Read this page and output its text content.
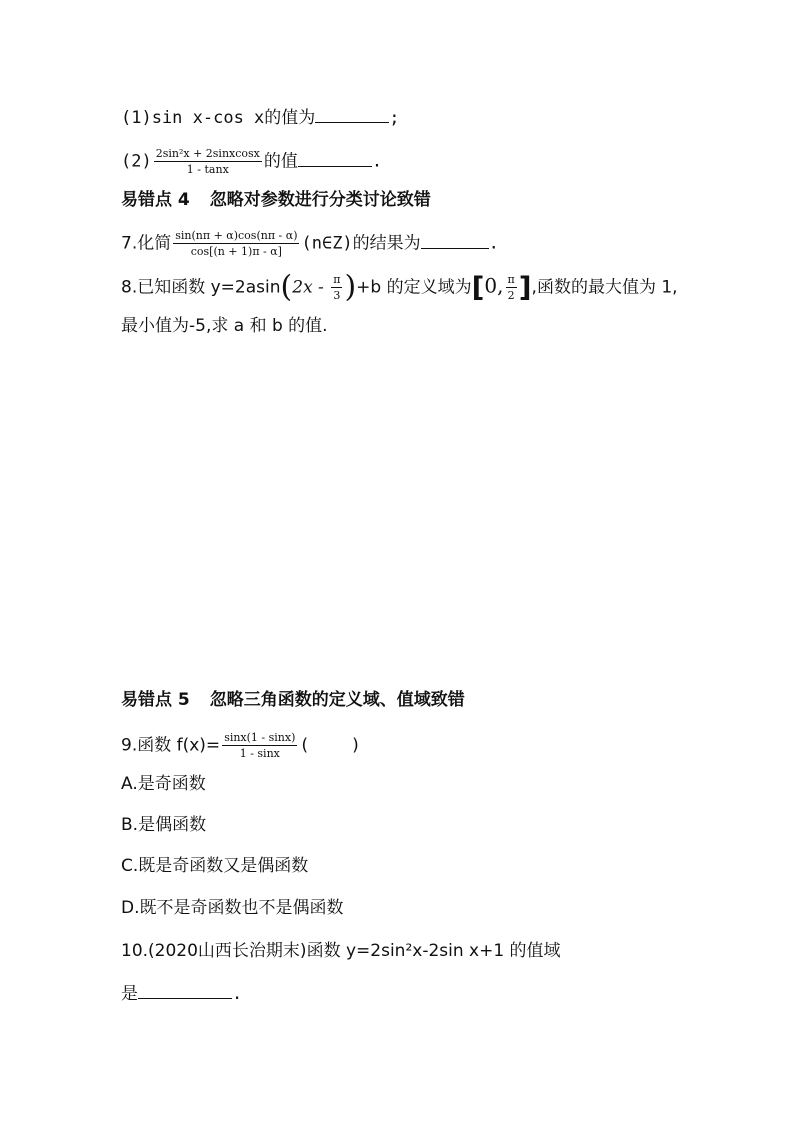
(1)sin x-cos x的值为	;
$(2) \frac{\text{2sin²x + 2sinxcosx}}{1 - \tan x}$ 的值	.
易错点 4 忽略对参数进行分类讨论致错
7.化简 $\frac{\sin(n\pi + \alpha)\cos(n\pi - \alpha)}{\cos[(n + 1)\pi - \alpha]}$ (n∈Z)的结果为	.
8.已知函数 $y=2asin(2x - \frac{\pi}{3} )+b$ 的定义域为[0, $\frac{\pi}{2}$ ],函数的最大值为 1,
最小值为-5,求 a 和 b 的值.
易错点 5 忽略三角函数的定义域、值域致错
9.函数 $f(x)= \frac{\sin x(1 - \sin x)}{1 - \sin x}$ (    )
A.是奇函数
B.是偶函数
C.既是奇函数又是偶函数
D.既不是奇函数也不是偶函数
10.(2020山西长治期末)函数 y=2sin²x-2sin x+1 的值域
是	.
